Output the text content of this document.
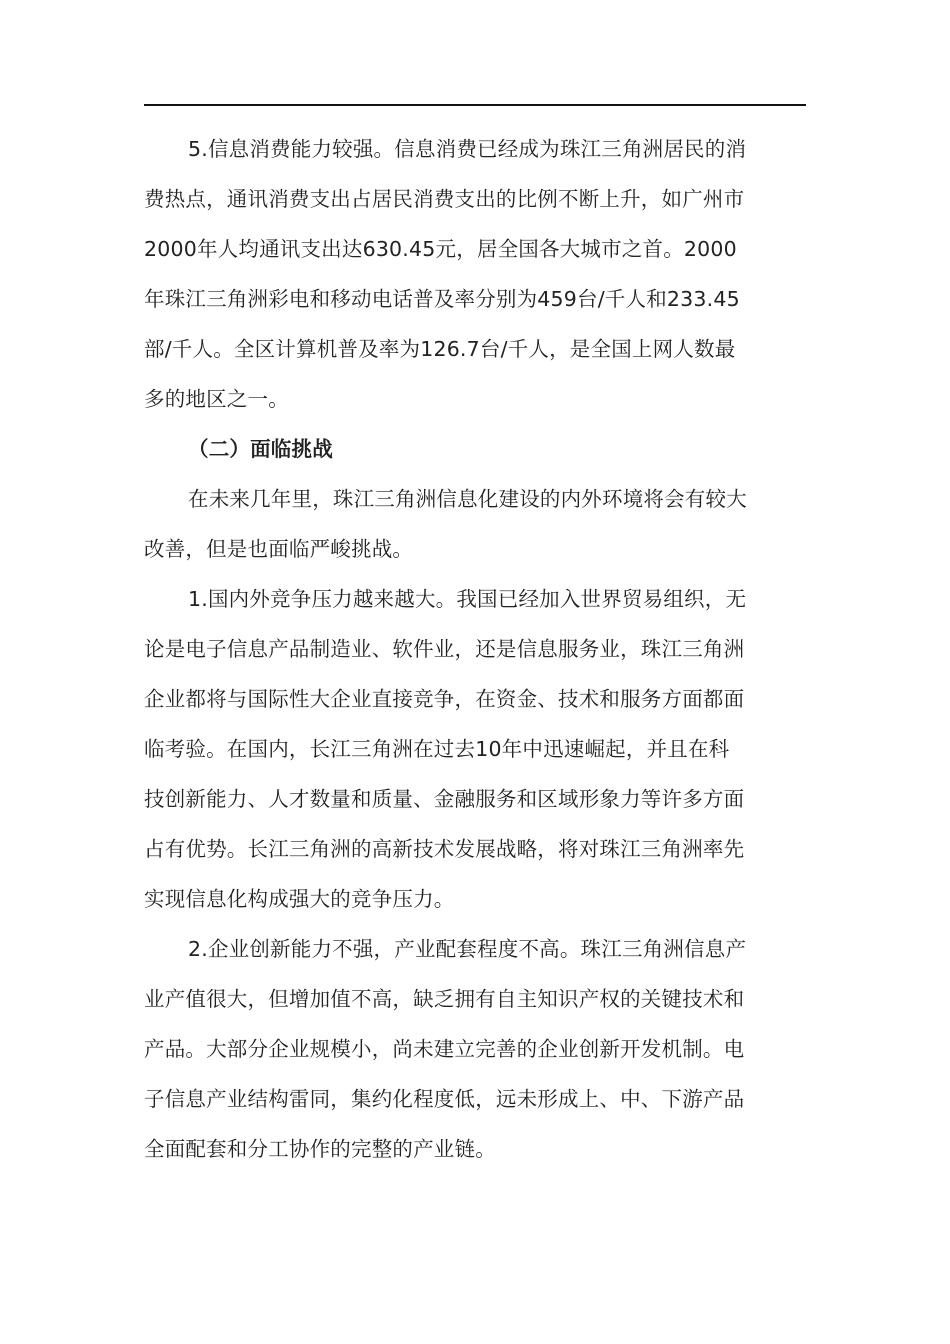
5.信息消费能力较强。信息消费已经成为珠江三角洲居民的消
费热点，通讯消费支出占居民消费支出的比例不断上升，如广州市
2000年人均通讯支出达630.45元，居全国各大城市之首。2000
年珠江三角洲彩电和移动电话普及率分别为459台/千人和233.45
部/千人。全区计算机普及率为126.7台/千人，是全国上网人数最
多的地区之一。
（二）面临挑战
在未来几年里，珠江三角洲信息化建设的内外环境将会有较大
改善，但是也面临严峻挑战。
1.国内外竞争压力越来越大。我国已经加入世界贸易组织，无
论是电子信息产品制造业、软件业，还是信息服务业，珠江三角洲
企业都将与国际性大企业直接竞争，在资金、技术和服务方面都面
临考验。在国内，长江三角洲在过去10年中迅速崛起，并且在科
技创新能力、人才数量和质量、金融服务和区域形象力等许多方面
占有优势。长江三角洲的高新技术发展战略，将对珠江三角洲率先
实现信息化构成强大的竞争压力。
2.企业创新能力不强，产业配套程度不高。珠江三角洲信息产
业产值很大，但增加值不高，缺乏拥有自主知识产权的关键技术和
产品。大部分企业规模小，尚未建立完善的企业创新开发机制。电
子信息产业结构雷同，集约化程度低，远未形成上、中、下游产品
全面配套和分工协作的完整的产业链。
